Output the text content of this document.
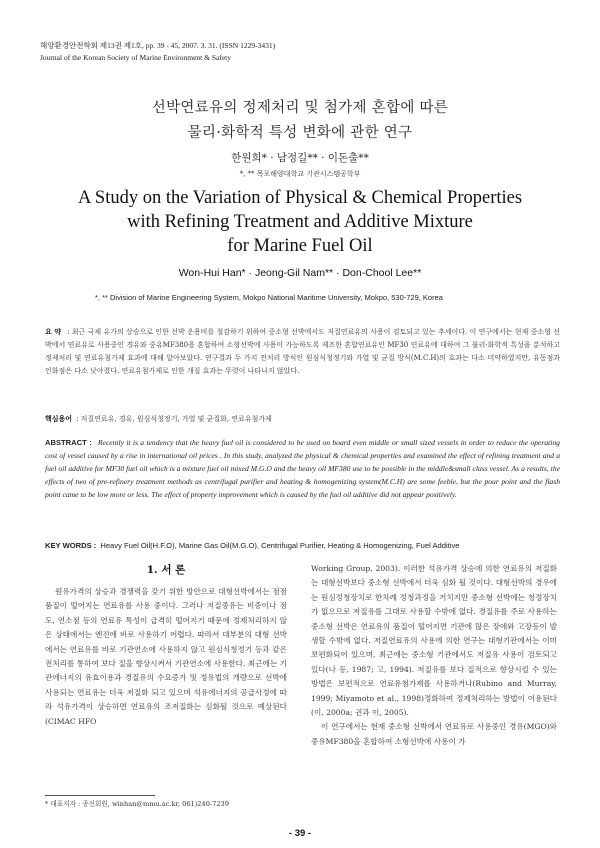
해양환경안전학회 제13권 제1호, pp. 39 - 45, 2007. 3. 31. (ISSN 1229-3431)
Journal of the Korean Society of Marine Environment & Safety
선박연료유의 정제처리 및 첨가제 혼합에 따른
물리·화학적 특성 변화에 관한 연구
한원희* · 남정길** · 이돈출**
*, ** 목포해양대학교 기관시스템공학부
A Study on the Variation of Physical & Chemical Properties
with Refining Treatment and Additive Mixture
for Marine Fuel Oil
Won-Hui Han* · Jeong-Gil Nam** · Don-Chool Lee**
*, ** Division of Marine Engineering System, Mokpo National Maritime University, Mokpo, 530-729, Korea
요 약 : 최근 국제 유가의 상승으로 인한 선박 운용비를 절감하기 위하여 중소형 선박에서도 저질연료유의 사용이 검토되고 있는 추세이다. 이 연구에서는 현재 중소형 선박에서 연료유로 사용중인 경유와 중유MF380을 혼합하여 소형선박에 사용이 가능하도록 제조한 혼합연료유인 MF30 연료유에 대하여 그 물리·화학적 특성을 분석하고 정제처리 및 연료유첨가제 효과에 대해 알아보았다. 연구결과 두 가지 전처리 방식인 원심식청정기와 가열 및 균질 방식(M.C.H)의 효과는 다소 미약하였지만, 유동점과 인화점은 다소 낮아졌다. 연료유첨가제로 인한 개질 효과는 뚜렷이 나타나지 않았다.
핵심용어 : 저질연료유, 경유, 원심식청정기, 가열 및 균질화, 연료유첨가제
ABSTRACT : Recently it is a tendency that the heavy fuel oil is considered to be used on board even middle or small sized vessels in order to reduce the operating cost of vessel caused by a rise in international oil prices . In this study, analyzed the physical & chemical properties and examined the effect of refining treatment and a fuel oil additive for MF30 fuel oil which is a mixture fuel oil mixed M.G.O and the heavy oil MF380 use to be possible in the middle&small class vessel. As a results, the effects of two of pre-refinery treatment methods as centrifugal purifier and heating & homogenizing system(M.C.H) are some feeble, but the pour point and the flash point came to be low more or less. The effect of property improvement which is caused by the fuel oil additive did not appear positively.
KEY WORDS : Heavy Fuel Oil(H.F.O), Marine Gas Oil(M.G.O), Centrifugal Purifier, Heating & Homogenizing, Fuel Additive
1. 서 론

원유가격의 상승과 경쟁력을 갖기 위한 방안으로 대형선박에서는 점점 품질이 떨어지는 연료유를 사용 중이다. 그러나 저질중유는 비중이나 점도, 연소점 등의 연료유 특성이 급격히 떨어지기 때문에 정제처리하지 않은 상태에서는 엔진에 바로 사용하기 어렵다. 따라서 대부분의 대형 선박에서는 연료유를 바로 기관연소에 사용하지 않고 원심식청정기 등과 같은 전처리를 통하여 보다 질을 향상시켜서 기관연소에 사용한다. 최근에는 기관에너지의 유효이용과 경질유의 수요증가 및 정유법의 개량으로 선박에 사용되는 연료유는 더욱 저질화 되고 있으며 석유에너지의 공급사정에 따라 석유가격이 상승하면 연료유의 조저질화는 심화될 것으로 예상된다 (CIMAC HFO

Working Group, 2003). 이러한 석유가격 상승에 의한 연료유의 저질화는 대형선박보다 중소형 선박에서 더욱 심화 될 것이다. 대형선박의 경우에는 원심정청장치로 한차례 정청과정을 거치지만 중소형 선박에는 청정장치가 없으므로 저질유를 그대로 사용할 수밖에 없다. 경질유를 주로 사용하는 중소형 선박은 연료유의 품질이 떨어지면 기관에 많은 장애와 고장등이 발생할 수밖에 없다. 저질연료유의 사용에 의한 연구는 대형기관에서는 이미 보편화되어 있으며, 최근에는 중소형 기관에서도 저질유 사용이 검토되고 있다(나 등, 1987; 고, 1994). 저질유를 보다 질적으로 향상시킬 수 있는 방법은 보편적으로 연료유첨가제를 사용하거나(Rubino and Murray, 1999; Miyamoto et al., 1998)정화하여 정제처리하는 방법이 이용된다(이, 2000a; 권과 이, 2005).

이 연구에서는 현재 중소형 선박에서 연료유로 사용중인 경유(MGO)와 중유MF380을 혼합하여 소형선박에 사용이 가

* 대표저자 : 종신회원, winhan@mmu.ac.kr, 061)240-7239
- 39 -
